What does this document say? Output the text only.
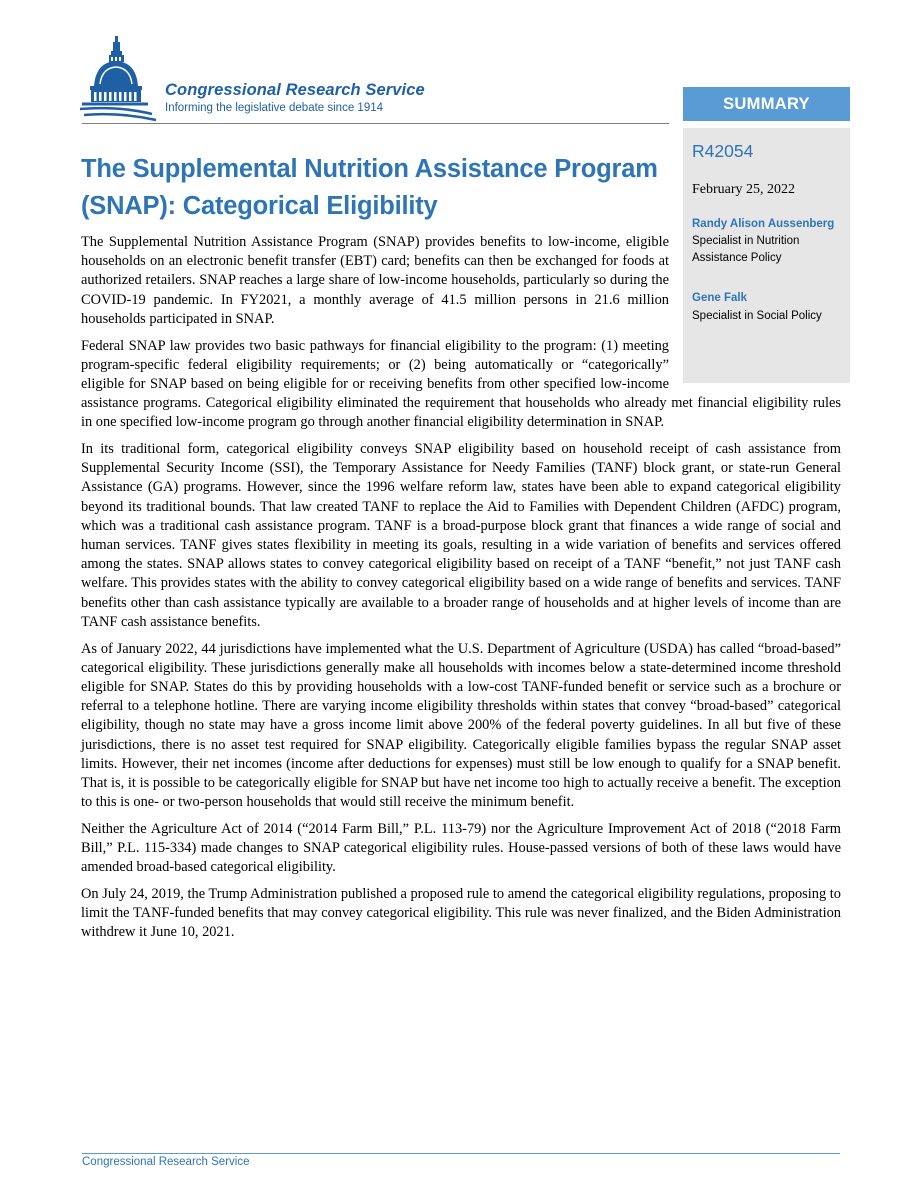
Congressional Research Service
Informing the legislative debate since 1914	SUMMARY
R42054
February 25, 2022
Randy Alison Aussenberg
Specialist in Nutrition Assistance Policy
Gene Falk
Specialist in Social Policy
The Supplemental Nutrition Assistance Program (SNAP): Categorical Eligibility

The Supplemental Nutrition Assistance Program (SNAP) provides benefits to low-income, eligible households on an electronic benefit transfer (EBT) card; benefits can then be exchanged for foods at authorized retailers. SNAP reaches a large share of low-income households, particularly so during the COVID-19 pandemic. In FY2021, a monthly average of 41.5 million persons in 21.6 million households participated in SNAP.

Federal SNAP law provides two basic pathways for financial eligibility to the program: (1) meeting program-specific federal eligibility requirements; or (2) being automatically or “categorically” eligible for SNAP based on being eligible for or receiving benefits from other specified low-income assistance programs. Categorical eligibility eliminated the requirement that households who already met financial eligibility rules in one specified low-income program go through another financial eligibility determination in SNAP.

In its traditional form, categorical eligibility conveys SNAP eligibility based on household receipt of cash assistance from Supplemental Security Income (SSI), the Temporary Assistance for Needy Families (TANF) block grant, or state-run General Assistance (GA) programs. However, since the 1996 welfare reform law, states have been able to expand categorical eligibility beyond its traditional bounds. That law created TANF to replace the Aid to Families with Dependent Children (AFDC) program, which was a traditional cash assistance program. TANF is a broad-purpose block grant that finances a wide range of social and human services. TANF gives states flexibility in meeting its goals, resulting in a wide variation of benefits and services offered among the states. SNAP allows states to convey categorical eligibility based on receipt of a TANF “benefit,” not just TANF cash welfare. This provides states with the ability to convey categorical eligibility based on a wide range of benefits and services. TANF benefits other than cash assistance typically are available to a broader range of households and at higher levels of income than are TANF cash assistance benefits.

As of January 2022, 44 jurisdictions have implemented what the U.S. Department of Agriculture (USDA) has called “broad-based” categorical eligibility. These jurisdictions generally make all households with incomes below a state-determined income threshold eligible for SNAP. States do this by providing households with a low-cost TANF-funded benefit or service such as a brochure or referral to a telephone hotline. There are varying income eligibility thresholds within states that convey “broad-based” categorical eligibility, though no state may have a gross income limit above 200% of the federal poverty guidelines. In all but five of these jurisdictions, there is no asset test required for SNAP eligibility. Categorically eligible families bypass the regular SNAP asset limits. However, their net incomes (income after deductions for expenses) must still be low enough to qualify for a SNAP benefit. That is, it is possible to be categorically eligible for SNAP but have net income too high to actually receive a benefit. The exception to this is one- or two-person households that would still receive the minimum benefit.

Neither the Agriculture Act of 2014 (“2014 Farm Bill,” P.L. 113-79) nor the Agriculture Improvement Act of 2018 (“2018 Farm Bill,” P.L. 115-334) made changes to SNAP categorical eligibility rules. House-passed versions of both of these laws would have amended broad-based categorical eligibility.

On July 24, 2019, the Trump Administration published a proposed rule to amend the categorical eligibility regulations, proposing to limit the TANF-funded benefits that may convey categorical eligibility. This rule was never finalized, and the Biden Administration withdrew it June 10, 2021.

Congressional Research Service
